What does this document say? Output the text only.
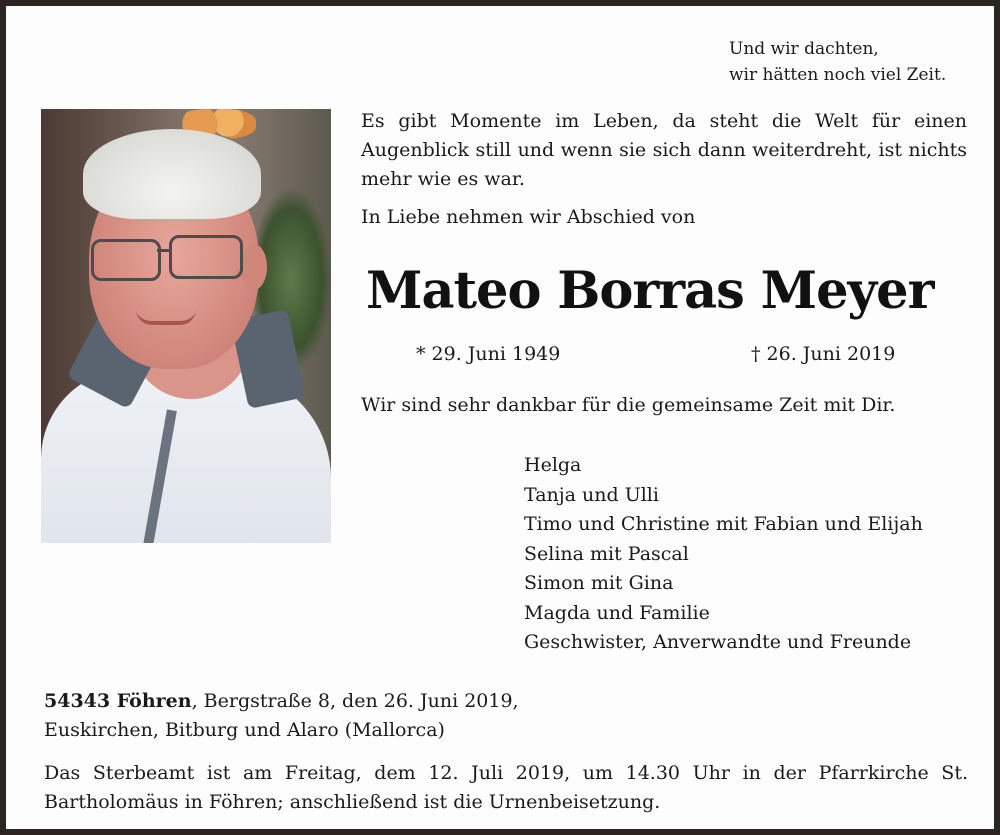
Und wir dachten,
wir hätten noch viel Zeit.

Es gibt Momente im Leben, da steht die Welt für einen Augenblick still und wenn sie sich dann weiterdreht, ist nichts mehr wie es war.

In Liebe nehmen wir Abschied von

Mateo Borras Meyer

* 29. Juni 1949	† 26. Juni 2019

Wir sind sehr dankbar für die gemeinsame Zeit mit Dir.

Helga
Tanja und Ulli
Timo und Christine mit Fabian und Elijah
Selina mit Pascal
Simon mit Gina
Magda und Familie
Geschwister, Anverwandte und Freunde

54343 Föhren, Bergstraße 8, den 26. Juni 2019,

Euskirchen, Bitburg und Alaro (Mallorca)

Das Sterbeamt ist am Freitag, dem 12. Juli 2019, um 14.30 Uhr in der Pfarrkirche St. Bartholomäus in Föhren; anschließend ist die Urnenbeisetzung.
